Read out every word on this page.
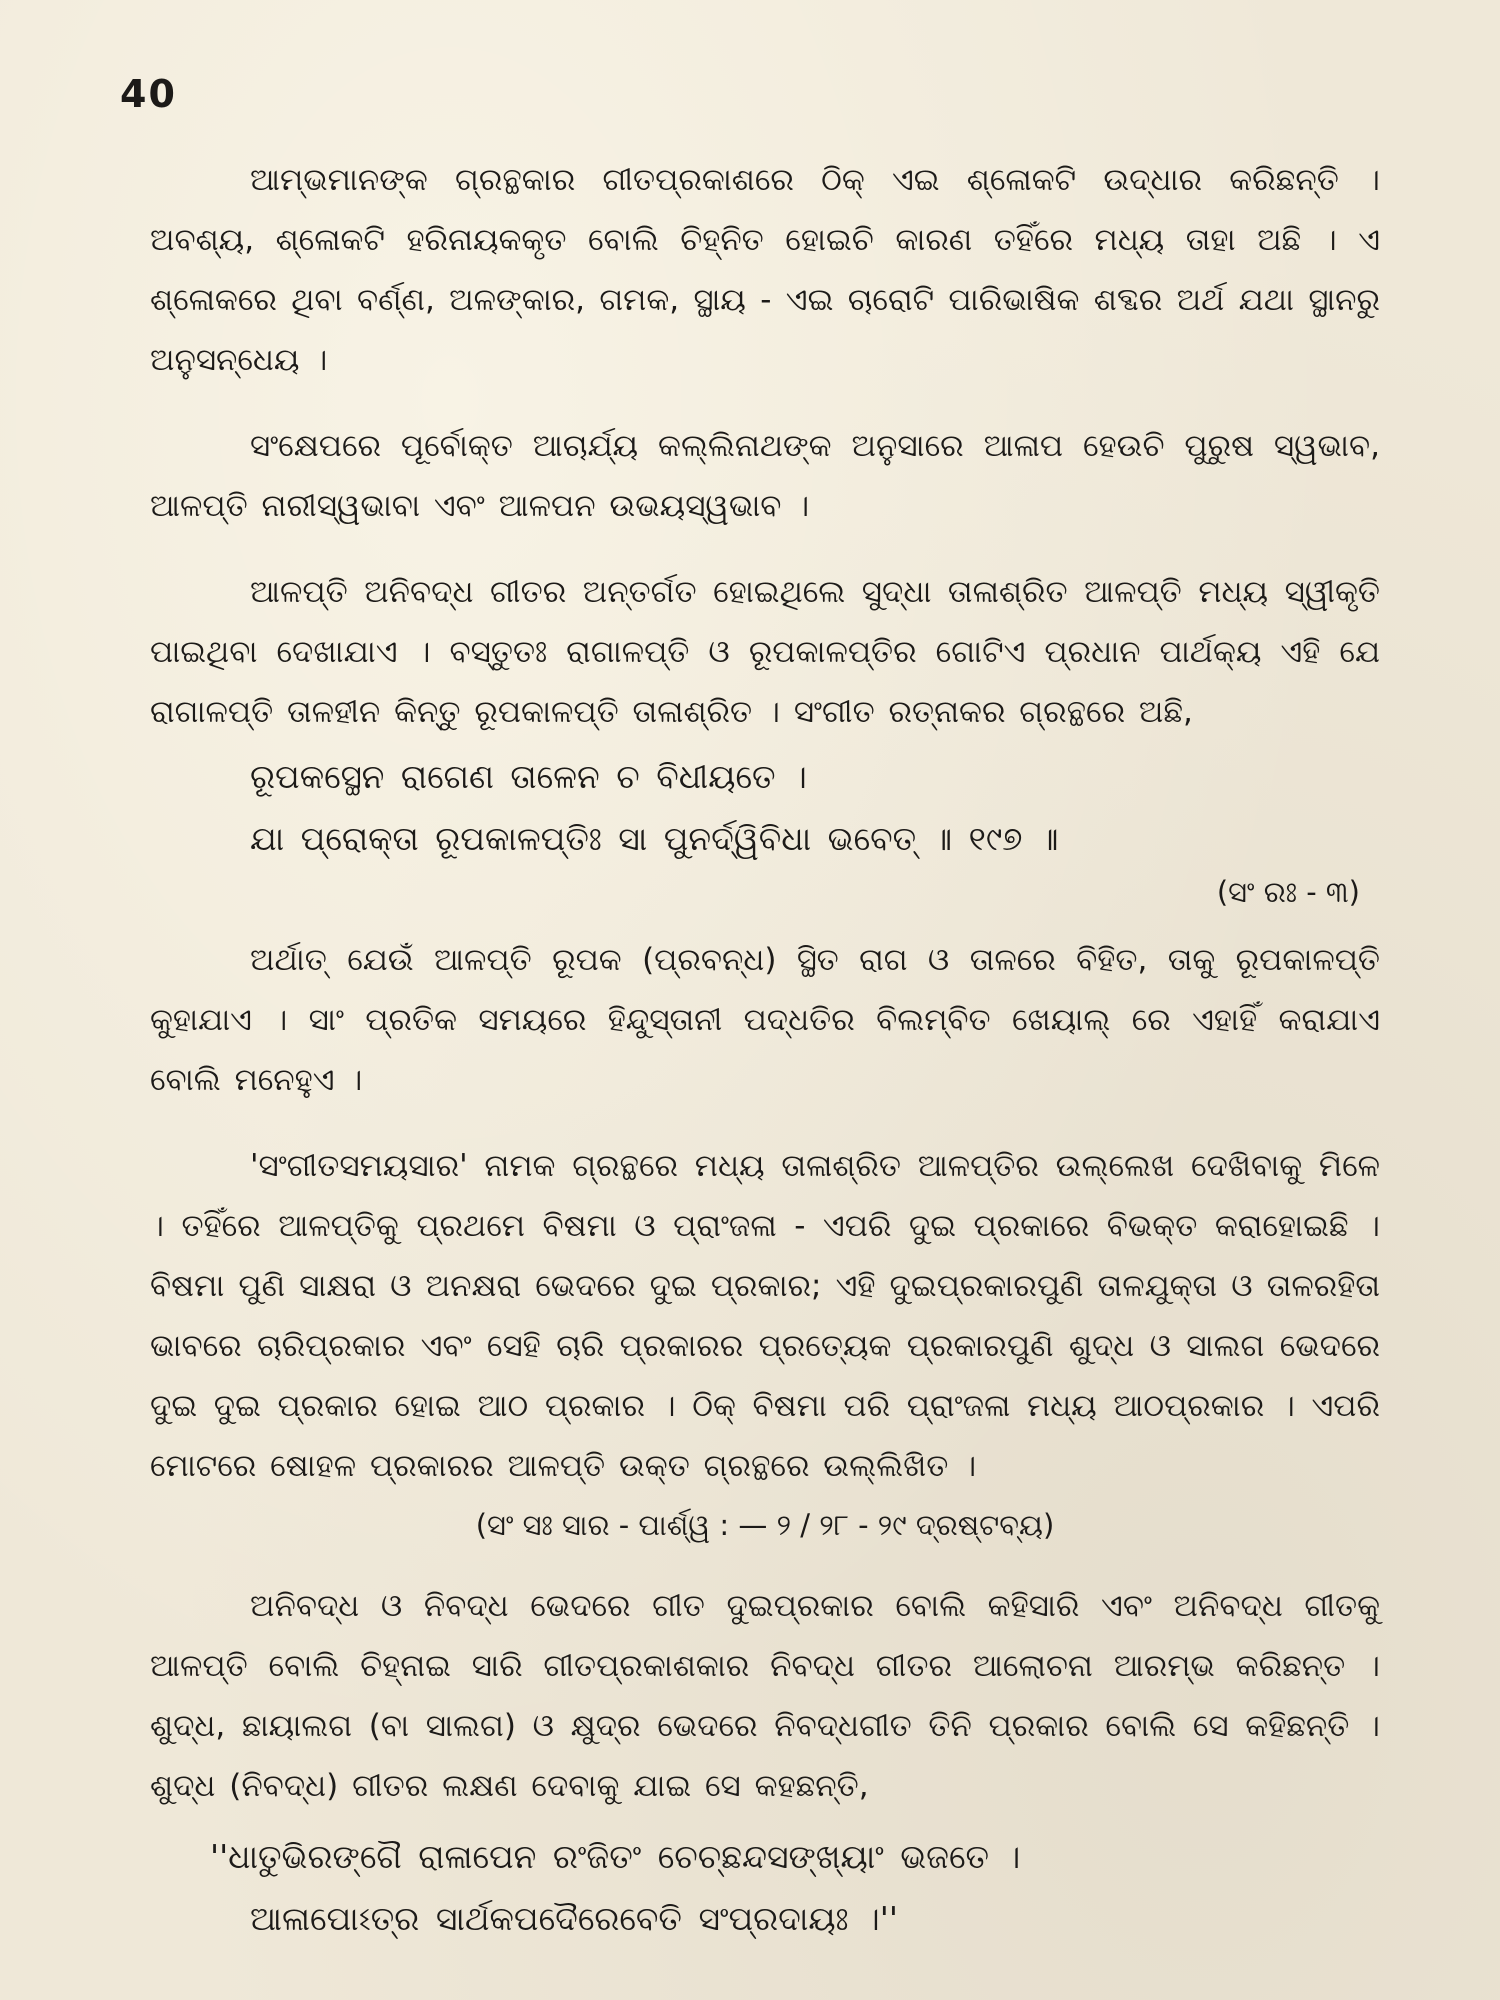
40

ଆମ୍ଭମାନଙ୍କ ଗ୍ରନ୍ଥକାର ଗୀତପ୍ରକାଶରେ ଠିକ୍ ଏଇ ଶ୍ଳୋକଟି ଉଦ୍ଧାର କରିଛନ୍ତି । ଅବଶ୍ୟ, ଶ୍ଳୋକଟି ହରିନାୟକକୃତ ବୋଲି ଚିହ୍ନିତ ହୋଇଚି କାରଣ ତହିଁରେ ମଧ୍ୟ ତାହା ଅଛି । ଏ ଶ୍ଳୋକରେ ଥିବା ବର୍ଣ୍ଣ, ଅଳଙ୍କାର, ଗମକ, ସ୍ଥାୟ - ଏଇ ଚାରୋଟି ପାରିଭାଷିକ ଶବ୍ଦର ଅର୍ଥ ଯଥା ସ୍ଥାନରୁ ଅନୁସନ୍ଧେୟ ।

ସଂକ୍ଷେପରେ ପୂର୍ବୋକ୍ତ ଆଚାର୍ଯ୍ୟ କଲ୍ଲିନାଥଙ୍କ ଅନୁସାରେ ଆଳାପ ହେଉଚି ପୁରୁଷ ସ୍ୱଭାବ, ଆଳପ୍ତି ନାରୀସ୍ୱଭାବା ଏବଂ ଆଳପନ ଉଭୟସ୍ୱଭାବ ।

ଆଳପ୍ତି ଅନିବଦ୍ଧ ଗୀତର ଅନ୍ତର୍ଗତ ହୋଇଥିଲେ ସୁଦ୍ଧା ତାଳାଶ୍ରିତ ଆଳପ୍ତି ମଧ୍ୟ ସ୍ୱୀକୃତି ପାଇଥିବା ଦେଖାଯାଏ । ବସ୍ତୁତଃ ରାଗାଳପ୍ତି ଓ ରୂପକାଳପ୍ତିର ଗୋଟିଏ ପ୍ରଧାନ ପାର୍ଥକ୍ୟ ଏହି ଯେ ରାଗାଳପ୍ତି ତାଳହୀନ କିନ୍ତୁ ରୂପକାଳପ୍ତି ତାଳାଶ୍ରିତ । ସଂଗୀତ ରତ୍ନାକର ଗ୍ରନ୍ଥରେ ଅଛି,

ରୂପକସ୍ଥେନ ରାଗେଣ ତାଳେନ ଚ ବିଧୀୟତେ ।

ଯା ପ୍ରୋକ୍ତା ରୂପକାଳପ୍ତିଃ ସା ପୁନର୍ଦ୍ୱିବିଧା ଭବେତ୍ ॥ ୧୯୭ ॥

(ସଂ ରଃ - ୩)

ଅର୍ଥାତ୍ ଯେଉଁ ଆଳପ୍ତି ରୂପକ (ପ୍ରବନ୍ଧ) ସ୍ଥିତ ରାଗ ଓ ତାଳରେ ବିହିତ, ତାକୁ ରୂପକାଳପ୍ତି କୁହାଯାଏ । ସାଂ ପ୍ରତିକ ସମୟରେ ହିନ୍ଦୁସ୍ତାନୀ ପଦ୍ଧତିର ବିଲମ୍ବିତ ଖେୟାଲ୍ ରେ ଏହାହିଁ କରାଯାଏ ବୋଲି ମନେହୁଏ ।

'ସଂଗୀତସମୟସାର' ନାମକ ଗ୍ରନ୍ଥରେ ମଧ୍ୟ ତାଳାଶ୍ରିତ ଆଳପ୍ତିର ଉଲ୍ଲେଖ ଦେଖିବାକୁ ମିଳେ । ତହିଁରେ ଆଳପ୍ତିକୁ ପ୍ରଥମେ ବିଷମା ଓ ପ୍ରାଂଜଳା - ଏପରି ଦୁଇ ପ୍ରକାରେ ବିଭକ୍ତ କରାହୋଇଛି । ବିଷମା ପୁଣି ସାକ୍ଷରା ଓ ଅନକ୍ଷରା ଭେଦରେ ଦୁଇ ପ୍ରକାର; ଏହି ଦୁଇପ୍ରକାରପୁଣି ତାଳଯୁକ୍ତା ଓ ତାଳରହିତା ଭାବରେ ଚାରିପ୍ରକାର ଏବଂ ସେହି ଚାରି ପ୍ରକାରର ପ୍ରତ୍ୟେକ ପ୍ରକାରପୁଣି ଶୁଦ୍ଧ ଓ ସାଲଗ ଭେଦରେ ଦୁଇ ଦୁଇ ପ୍ରକାର ହୋଇ ଆଠ ପ୍ରକାର । ଠିକ୍ ବିଷମା ପରି ପ୍ରାଂଜଳା ମଧ୍ୟ ଆଠପ୍ରକାର । ଏପରି ମୋଟରେ ଷୋହଳ ପ୍ରକାରର ଆଳପ୍ତି ଉକ୍ତ ଗ୍ରନ୍ଥରେ ଉଲ୍ଲିଖିତ ।

(ସଂ ସଃ ସାର - ପାର୍ଶ୍ୱ : — ୨ / ୨୮ - ୨୯ ଦ୍ରଷ୍ଟବ୍ୟ)

ଅନିବଦ୍ଧ ଓ ନିବଦ୍ଧ ଭେଦରେ ଗୀତ ଦୁଇପ୍ରକାର ବୋଲି କହିସାରି ଏବଂ ଅନିବଦ୍ଧ ଗୀତକୁ ଆଳପ୍ତି ବୋଲି ଚିହ୍ନାଇ ସାରି ଗୀତପ୍ରକାଶକାର ନିବଦ୍ଧ ଗୀତର ଆଲୋଚନା ଆରମ୍ଭ କରିଛନ୍ତ । ଶୁଦ୍ଧ, ଛାୟାଲଗ (ବା ସାଲଗ) ଓ କ୍ଷୁଦ୍ର ଭେଦରେ ନିବଦ୍ଧଗୀତ ତିନି ପ୍ରକାର ବୋଲି ସେ କହିଛନ୍ତି । ଶୁଦ୍ଧ (ନିବଦ୍ଧ) ଗୀତର ଲକ୍ଷଣ ଦେବାକୁ ଯାଇ ସେ କହଛନ୍ତି,

''ଧାତୁଭିରଙ୍ଗୈ ରାଳାପେନ ରଂଜିତଂ ଚେଚ୍ଛନ୍ଦସଙ୍ଖ୍ୟାଂ ଭଜତେ ।

ଆଳାପୋଽତ୍ର ସାର୍ଥକପଦୈରେବେତି ସଂପ୍ରଦାୟଃ ।''
